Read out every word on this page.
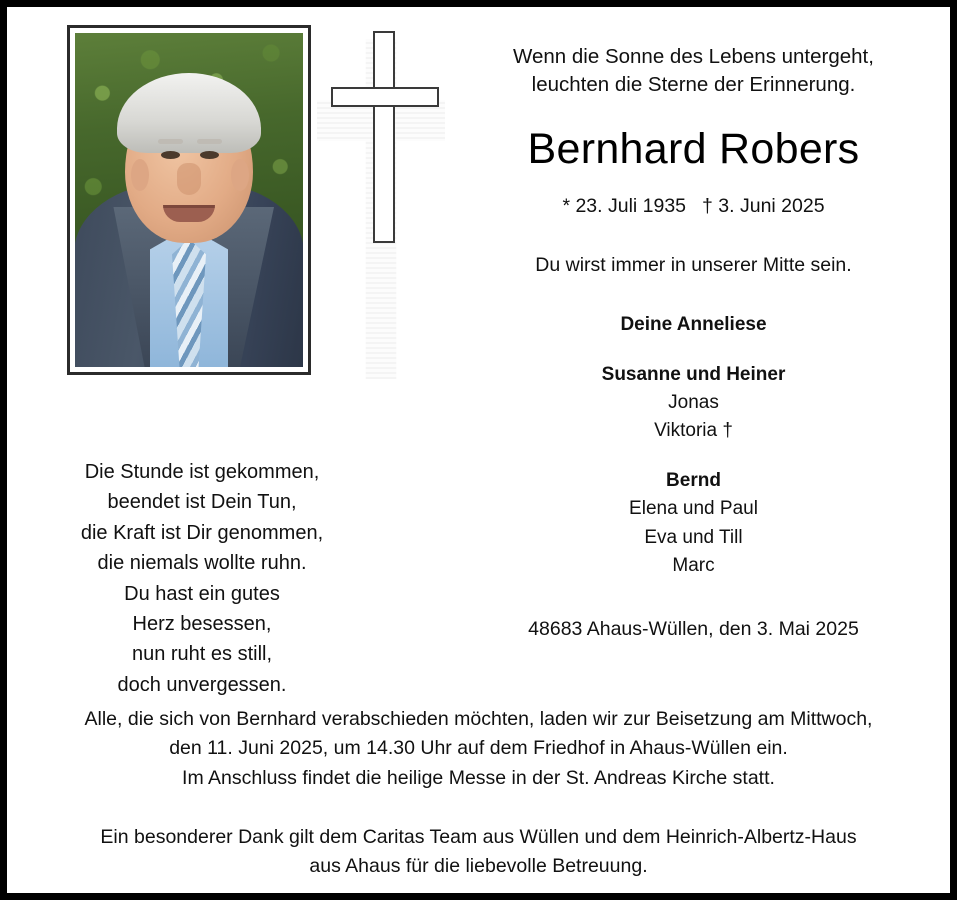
Wenn die Sonne des Lebens untergeht,
leuchten die Sterne der Erinnerung.
Bernhard Robers
* 23. Juli 1935 † 3. Juni 2025
Du wirst immer in unserer Mitte sein.
Deine Anneliese
Susanne und Heiner
Jonas
Viktoria †
Bernd
Elena und Paul
Eva und Till
Marc
48683 Ahaus-Wüllen, den 3. Mai 2025
Die Stunde ist gekommen,
beendet ist Dein Tun,
die Kraft ist Dir genommen,
die niemals wollte ruhn.
Du hast ein gutes
Herz besessen,
nun ruht es still,
doch unvergessen.
Alle, die sich von Bernhard verabschieden möchten, laden wir zur Beisetzung am Mittwoch,
den 11. Juni 2025, um 14.30 Uhr auf dem Friedhof in Ahaus-Wüllen ein.
Im Anschluss findet die heilige Messe in der St. Andreas Kirche statt.
Ein besonderer Dank gilt dem Caritas Team aus Wüllen und dem Heinrich-Albertz-Haus
aus Ahaus für die liebevolle Betreuung.
